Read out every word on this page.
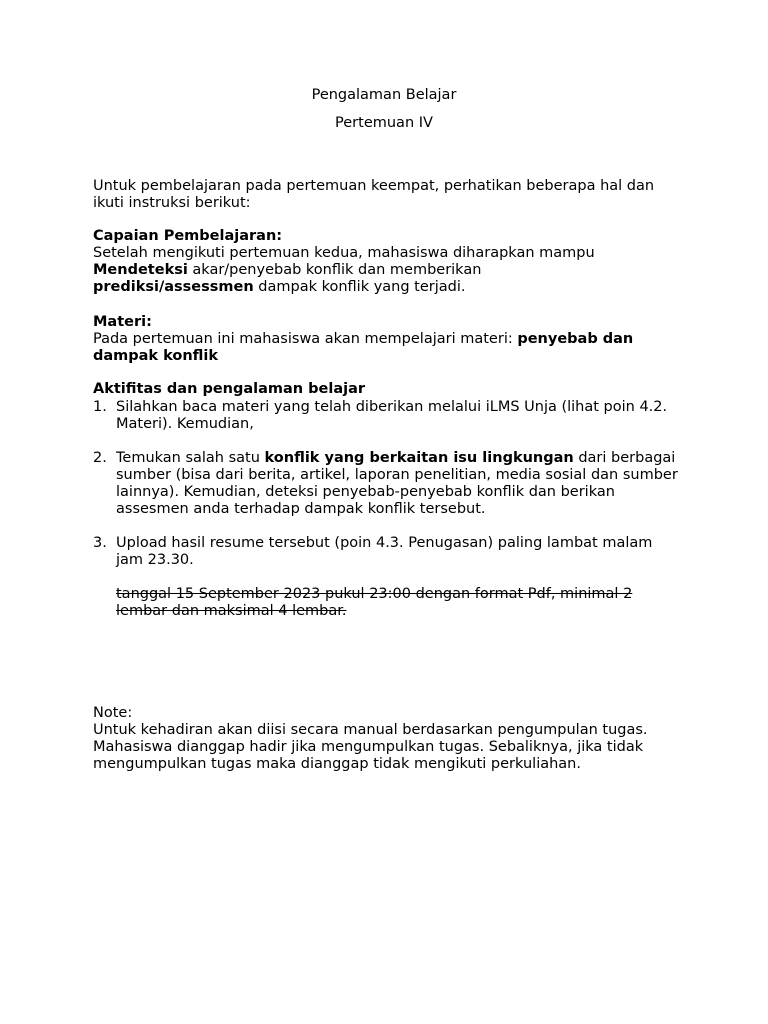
Pengalaman Belajar
Pertemuan IV

Untuk pembelajaran pada pertemuan keempat, perhatikan beberapa hal dan ikuti instruksi berikut:

Capaian Pembelajaran:

Setelah mengikuti pertemuan kedua, mahasiswa diharapkan mampu
Mendeteksi akar/penyebab konflik dan memberikan
prediksi/assessmen dampak konflik yang terjadi.

Materi:

Pada pertemuan ini mahasiswa akan mempelajari materi: penyebab dan dampak konflik

Aktifitas dan pengalaman belajar

1. Silahkan baca materi yang telah diberikan melalui iLMS Unja (lihat poin 4.2. Materi). Kemudian,

2. Temukan salah satu konflik yang berkaitan isu lingkungan dari berbagai sumber (bisa dari berita, artikel, laporan penelitian, media sosial dan sumber lainnya). Kemudian, deteksi penyebab-penyebab konflik dan berikan assesmen anda terhadap dampak konflik tersebut.

3. Upload hasil resume tersebut (poin 4.3. Penugasan) paling lambat malam jam 23.30.

tanggal 15 September 2023 pukul 23:00 dengan format Pdf, minimal 2 lembar dan maksimal 4 lembar.

Note:

Untuk kehadiran akan diisi secara manual berdasarkan pengumpulan tugas.

Mahasiswa dianggap hadir jika mengumpulkan tugas. Sebaliknya, jika tidak mengumpulkan tugas maka dianggap tidak mengikuti perkuliahan.
